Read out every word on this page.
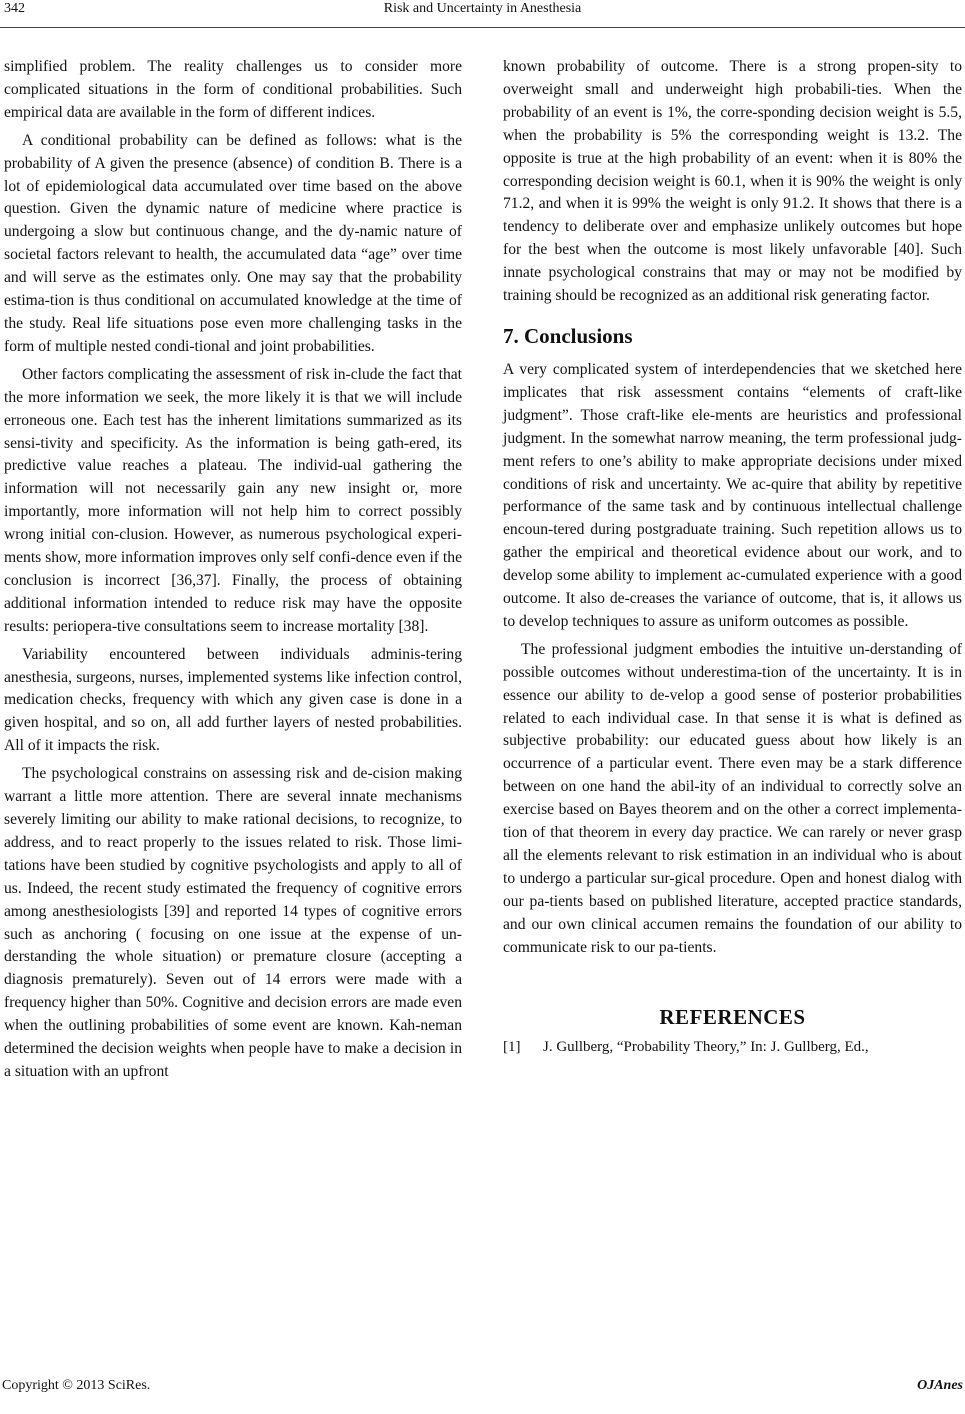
342	Risk and Uncertainty in Anesthesia

simplified problem. The reality challenges us to consider more complicated situations in the form of conditional probabilities. Such empirical data are available in the form of different indices.

A conditional probability can be defined as follows: what is the probability of A given the presence (absence) of condition B. There is a lot of epidemiological data accumulated over time based on the above question. Given the dynamic nature of medicine where practice is undergoing a slow but continuous change, and the dy-namic nature of societal factors relevant to health, the accumulated data “age” over time and will serve as the estimates only. One may say that the probability estima-tion is thus conditional on accumulated knowledge at the time of the study. Real life situations pose even more challenging tasks in the form of multiple nested condi-tional and joint probabilities.

Other factors complicating the assessment of risk in-clude the fact that the more information we seek, the more likely it is that we will include erroneous one. Each test has the inherent limitations summarized as its sensi-tivity and specificity. As the information is being gath-ered, its predictive value reaches a plateau. The individ-ual gathering the information will not necessarily gain any new insight or, more importantly, more information will not help him to correct possibly wrong initial con-clusion. However, as numerous psychological experi-ments show, more information improves only self confi-dence even if the conclusion is incorrect [36,37]. Finally, the process of obtaining additional information intended to reduce risk may have the opposite results: periopera-tive consultations seem to increase mortality [38].

Variability encountered between individuals adminis-tering anesthesia, surgeons, nurses, implemented systems like infection control, medication checks, frequency with which any given case is done in a given hospital, and so on, all add further layers of nested probabilities. All of it impacts the risk.

The psychological constrains on assessing risk and de-cision making warrant a little more attention. There are several innate mechanisms severely limiting our ability to make rational decisions, to recognize, to address, and to react properly to the issues related to risk. Those limi-tations have been studied by cognitive psychologists and apply to all of us. Indeed, the recent study estimated the frequency of cognitive errors among anesthesiologists [39] and reported 14 types of cognitive errors such as anchoring ( focusing on one issue at the expense of un-derstanding the whole situation) or premature closure (accepting a diagnosis prematurely). Seven out of 14 errors were made with a frequency higher than 50%. Cognitive and decision errors are made even when the outlining probabilities of some event are known. Kah-neman determined the decision weights when people have to make a decision in a situation with an upfront

known probability of outcome. There is a strong propen-sity to overweight small and underweight high probabili-ties. When the probability of an event is 1%, the corre-sponding decision weight is 5.5, when the probability is 5% the corresponding weight is 13.2. The opposite is true at the high probability of an event: when it is 80% the corresponding decision weight is 60.1, when it is 90% the weight is only 71.2, and when it is 99% the weight is only 91.2. It shows that there is a tendency to deliberate over and emphasize unlikely outcomes but hope for the best when the outcome is most likely unfavorable [40]. Such innate psychological constrains that may or may not be modified by training should be recognized as an additional risk generating factor.

7. Conclusions

A very complicated system of interdependencies that we sketched here implicates that risk assessment contains “elements of craft-like judgment”. Those craft-like ele-ments are heuristics and professional judgment. In the somewhat narrow meaning, the term professional judg-ment refers to one’s ability to make appropriate decisions under mixed conditions of risk and uncertainty. We ac-quire that ability by repetitive performance of the same task and by continuous intellectual challenge encoun-tered during postgraduate training. Such repetition allows us to gather the empirical and theoretical evidence about our work, and to develop some ability to implement ac-cumulated experience with a good outcome. It also de-creases the variance of outcome, that is, it allows us to develop techniques to assure as uniform outcomes as possible.

The professional judgment embodies the intuitive un-derstanding of possible outcomes without underestima-tion of the uncertainty. It is in essence our ability to de-velop a good sense of posterior probabilities related to each individual case. In that sense it is what is defined as subjective probability: our educated guess about how likely is an occurrence of a particular event. There even may be a stark difference between on one hand the abil-ity of an individual to correctly solve an exercise based on Bayes theorem and on the other a correct implementa-tion of that theorem in every day practice. We can rarely or never grasp all the elements relevant to risk estimation in an individual who is about to undergo a particular sur-gical procedure. Open and honest dialog with our pa-tients based on published literature, accepted practice standards, and our own clinical accumen remains the foundation of our ability to communicate risk to our pa-tients.

REFERENCES
[1]	J. Gullberg, “Probability Theory,” In: J. Gullberg, Ed.,
Copyright © 2013 SciRes.	OJAnes
